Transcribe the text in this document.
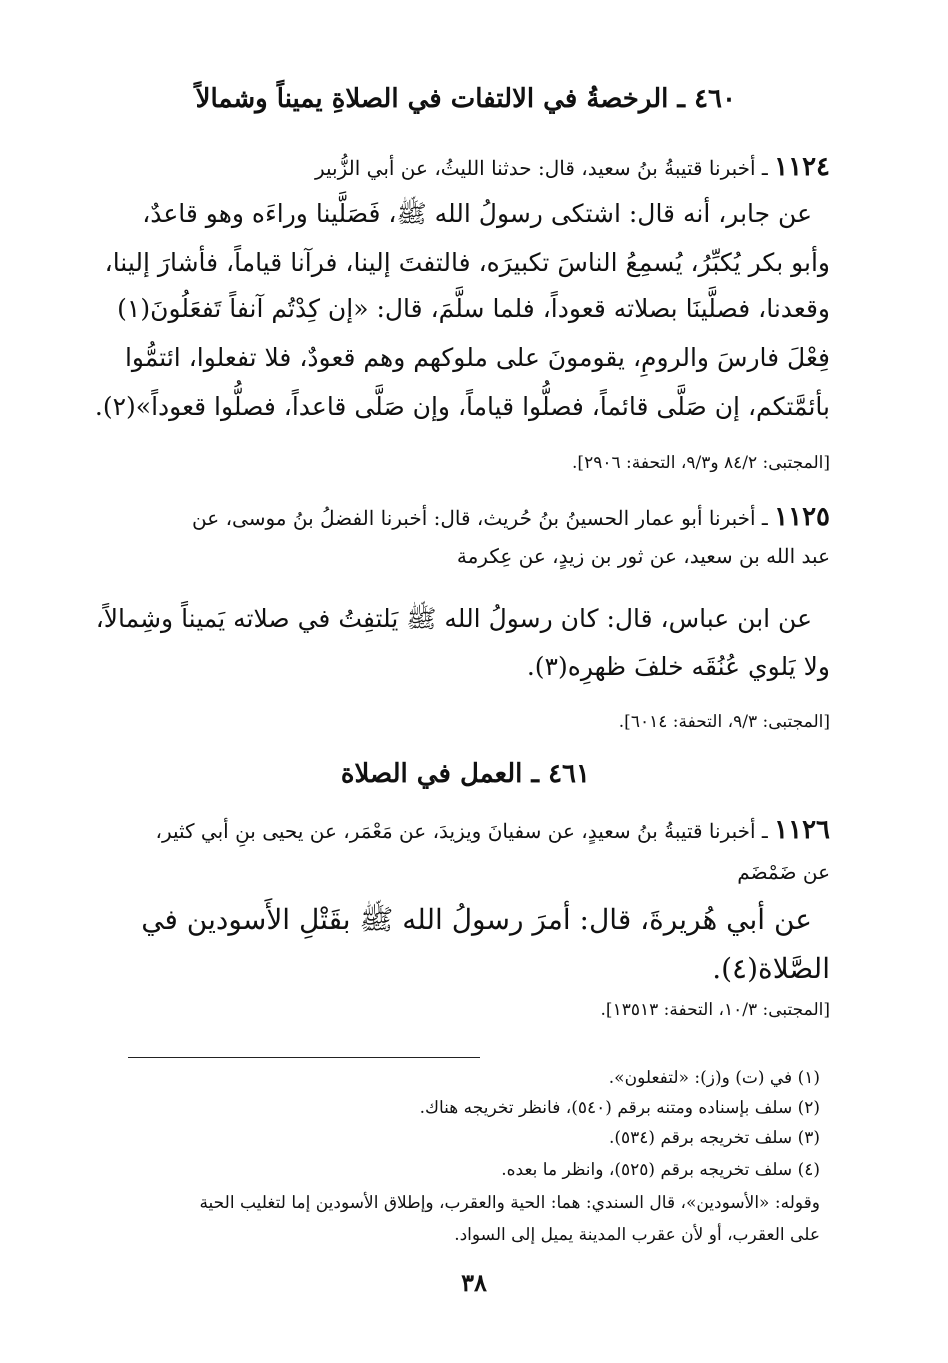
٤٦٠ ـ الرخصةُ في الالتفات في الصلاةِ يميناً وشمالاً
١١٢٤ ـ أخبرنا قتيبةُ بنُ سعيد، قال: حدثنا الليثُ، عن أبي الزُّبير
عن جابر، أنه قال: اشتكى رسولُ الله ﷺ، فَصَلَّينا وراءَه وهو قاعدٌ،
وأبو بكر يُكبِّرُ، يُسمِعُ الناسَ تكبيرَه، فالتفتَ إلينا، فرآنا قياماً، فأشارَ إلينا،
وقعدنا، فصلَّينَا بصلاته قعوداً، فلما سلَّمَ، قال: «إن كِدْتُم آنفاً تَفعَلُونَ(١)
فِعْلَ فارسَ والرومِ، يقومونَ على ملوكهم وهم قعودٌ، فلا تفعلوا، ائتمُّوا
بأئمَّتكم، إن صَلَّى قائماً، فصلُّوا قياماً، وإن صَلَّى قاعداً، فصلُّوا قعوداً»(٢).
[المجتبى: ٨٤/٢ و٩/٣، التحفة: ٢٩٠٦].
١١٢٥ ـ أخبرنا أبو عمار الحسينُ بنُ حُريث، قال: أخبرنا الفضلُ بنُ موسى، عن
عبد الله بن سعيد، عن ثور بن زيدٍ، عن عِكرمة
عن ابن عباس، قال: كان رسولُ الله ﷺ يَلتفِتُ في صلاته يَميناً وشِمالاً،
ولا يَلوي عُنُقَه خلفَ ظهرِه(٣).
[المجتبى: ٩/٣، التحفة: ٦٠١٤].
٤٦١ ـ العمل في الصلاة
١١٢٦ ـ أخبرنا قتيبةُ بنُ سعيدٍ، عن سفيانَ ويزيدَ، عن مَعْمَر، عن يحيى بنِ أبي كثير،
عن ضَمْضَم
عن أبي هُريرةَ، قال: أمرَ رسولُ الله ﷺ بقَتْلِ الأَسودين في
الصَّلاة(٤).
[المجتبى: ١٠/٣، التحفة: ١٣٥١٣].
(١) في (ت) و(ز): «لتفعلون».
(٢) سلف بإسناده ومتنه برقم (٥٤٠)، فانظر تخريجه هناك.
(٣) سلف تخريجه برقم (٥٣٤).
(٤) سلف تخريجه برقم (٥٢٥)، وانظر ما بعده.
وقوله: «الأسودين»، قال السندي: هما: الحية والعقرب، وإطلاق الأسودين إما لتغليب الحية
على العقرب، أو لأن عقرب المدينة يميل إلى السواد.
٣٨
